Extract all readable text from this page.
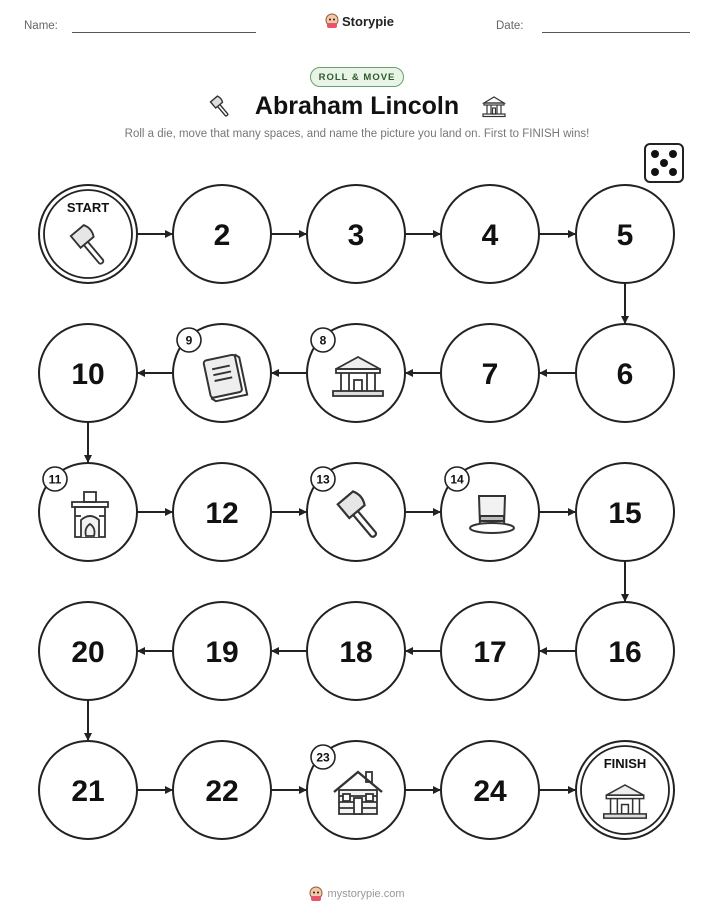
Name:	Storypie	Date:
ROLL & MOVE
Abraham Lincoln
Roll a die, move that many spaces, and name the picture you land on. First to FINISH wins!
START
2	3	4	5
6
7
8
9
10
11
12
13	14
15
16
17
18
19
20
21	22
23
24
FINISH
mystorypie.com
